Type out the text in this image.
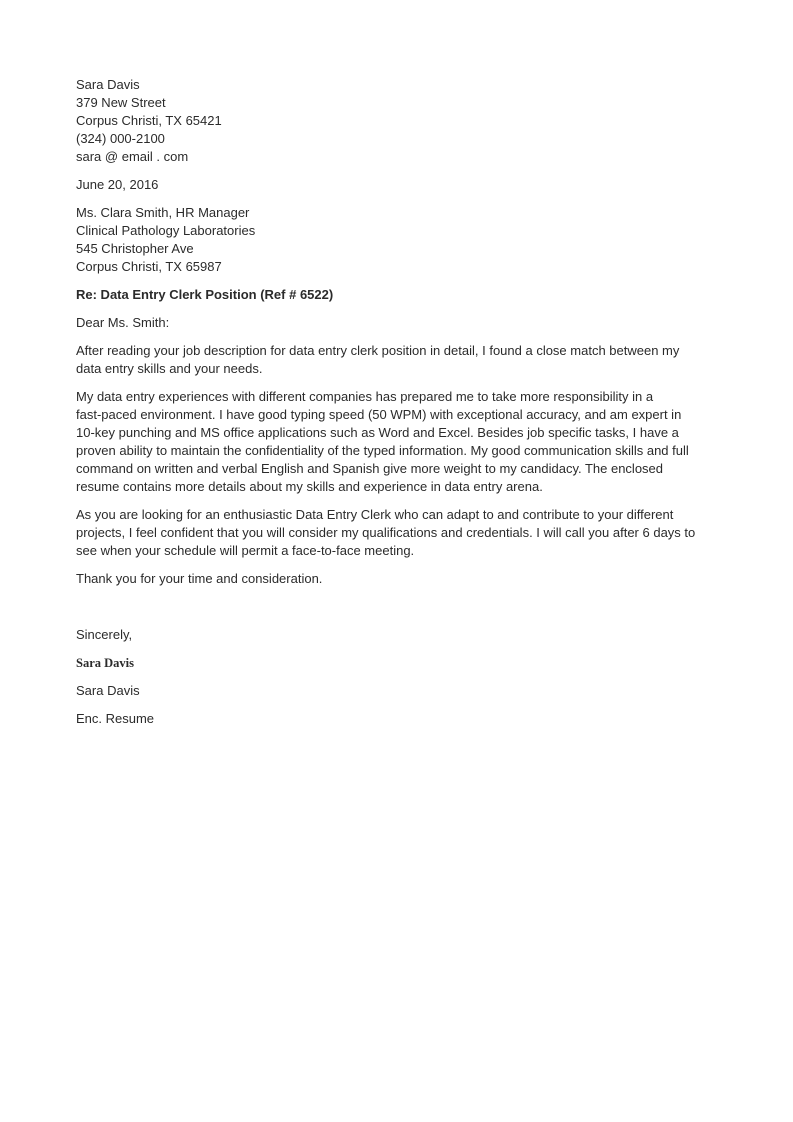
Sara Davis
379 New Street
Corpus Christi, TX 65421
(324) 000-2100
sara @ email . com
June 20, 2016
Ms. Clara Smith, HR Manager
Clinical Pathology Laboratories
545 Christopher Ave
Corpus Christi, TX 65987
Re: Data Entry Clerk Position (Ref # 6522)
Dear Ms. Smith:
After reading your job description for data entry clerk position in detail, I found a close match between my
data entry skills and your needs.
My data entry experiences with different companies has prepared me to take more responsibility in a
fast-paced environment. I have good typing speed (50 WPM) with exceptional accuracy, and am expert in
10-key punching and MS office applications such as Word and Excel. Besides job specific tasks, I have a
proven ability to maintain the confidentiality of the typed information. My good communication skills and full
command on written and verbal English and Spanish give more weight to my candidacy. The enclosed
resume contains more details about my skills and experience in data entry arena.
As you are looking for an enthusiastic Data Entry Clerk who can adapt to and contribute to your different
projects, I feel confident that you will consider my qualifications and credentials. I will call you after 6 days to
see when your schedule will permit a face-to-face meeting.
Thank you for your time and consideration.
Sincerely,
Sara Davis
Sara Davis
Enc. Resume
